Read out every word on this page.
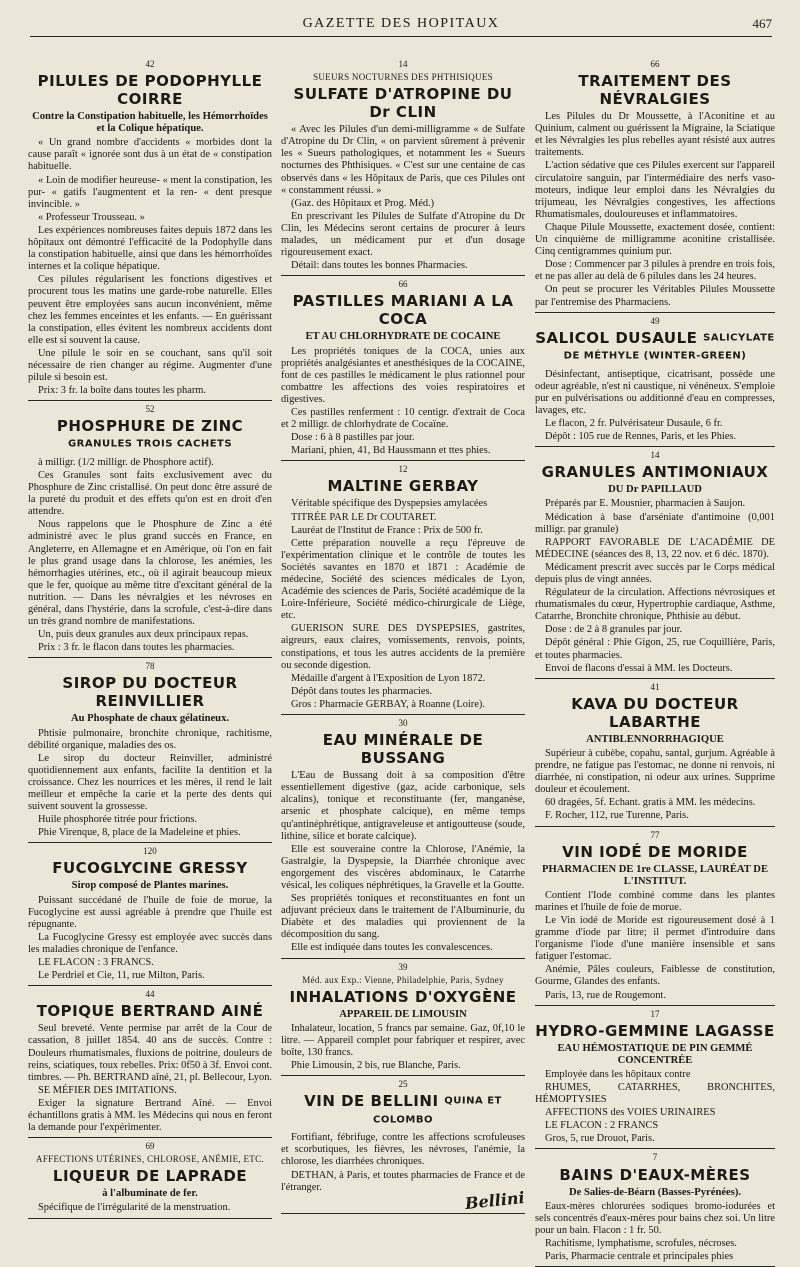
GAZETTE DES HOPITAUX	467
42
PILULES DE PODOPHYLLE COIRRE
Contre la Constipation habituelle, les Hémorrhoïdes et la Colique hépatique.

« Un grand nombre d'accidents « morbides dont la cause paraît « ignorée sont dus à un état de « constipation habituelle.

« Loin de modifier heureuse- « ment la constipation, les pur- « gatifs l'augmentent et la ren- « dent presque invincible. »

« Professeur Trousseau. »

Les expériences nombreuses faites depuis 1872 dans les hôpitaux ont démontré l'efficacité de la Podophylle dans la constipation habituelle, ainsi que dans les hémorrhoïdes internes et la colique hépatique.

Ces pilules régularisent les fonctions digestives et procurent tous les matins une garde-robe naturelle. Elles peuvent être employées sans aucun inconvénient, même chez les femmes enceintes et les enfants. — En guérissant la constipation, elles évitent les nombreux accidents dont elle est si souvent la cause.

Une pilule le soir en se couchant, sans qu'il soit nécessaire de rien changer au régime. Augmenter d'une pilule si besoin est.

Prix: 3 fr. la boîte dans toutes les pharm.

52
PHOSPHURE DE ZINC GRANULES TROIS CACHETS

à milligr. (1/2 milligr. de Phosphore actif).

Ces Granules sont faits exclusivement avec du Phosphure de Zinc cristallisé. On peut donc être assuré de la pureté du produit et des effets qu'on est en droit d'en attendre.

Nous rappelons que le Phosphure de Zinc a été administré avec le plus grand succès en France, en Angleterre, en Allemagne et en Amérique, où l'on en fait le plus grand usage dans la chlorose, les anémies, les hémorrhagies utérines, etc., où il agirait beaucoup mieux que le fer, quoique au même titre d'excitant général de la nutrition. — Dans les névralgies et les névroses en général, dans l'hystérie, dans la scrofule, c'est-à-dire dans un très grand nombre de manifestations.

Un, puis deux granules aux deux principaux repas.

Prix : 3 fr. le flacon dans toutes les pharmacies.

78
SIROP DU DOCTEUR REINVILLIER
Au Phosphate de chaux gélatineux.

Phtisie pulmonaire, bronchite chronique, rachitisme, débilité organique, maladies des os.

Le sirop du docteur Reinviller, administré quotidiennement aux enfants, facilite la dentition et la croissance. Chez les nourrices et les mères, il rend le lait meilleur et empêche la carie et la perte des dents qui suivent souvent la grossesse.

Huile phosphorée titrée pour frictions.

Phie Virenque, 8, place de la Madeleine et phies.

120
FUCOGLYCINE GRESSY
Sirop composé de Plantes marines.

Puissant succédané de l'huile de foie de morue, la Fucoglycine est aussi agréable à prendre que l'huile est répugnante.

La Fucoglycine Gressy est employée avec succès dans les maladies chronique de l'enfance.

LE FLACON : 3 FRANCS.

Le Perdriel et Cie, 11, rue Milton, Paris.

44
TOPIQUE BERTRAND AINÉ

Seul breveté. Vente permise par arrêt de la Cour de cassation, 8 juillet 1854. 40 ans de succès. Contre : Douleurs rhumatismales, fluxions de poitrine, douleurs de reins, sciatiques, toux rebelles. Prix: 0f50 à 3f. Envoi cont. timbres. — Ph. BERTRAND aîné, 21, pl. Bellecour, Lyon.

SE MÉFIER DES IMITATIONS.

Exiger la signature Bertrand Aîné. — Envoi échantillons gratis à MM. les Médecins qui nous en feront la demande pour l'expérimenter.

69
AFFECTIONS UTÉRINES, CHLOROSE, ANÉMIE, ETC.
LIQUEUR DE LAPRADE
à l'albuminate de fer.

Spécifique de l'irrégularité de la menstruation.

14
SUEURS NOCTURNES DES PHTHISIQUES
SULFATE D'ATROPINE DU Dr CLIN

« Avec les Pilules d'un demi-milligramme « de Sulfate d'Atropine du Dr Clin, « on parvient sûrement à prévenir les « Sueurs pathologiques, et notamment les « Sueurs nocturnes des Phthisiques. « C'est sur une centaine de cas observés dans « les Hôpitaux de Paris, que ces Pilules ont « constamment réussi. »

(Gaz. des Hôpitaux et Prog. Méd.)

En prescrivant les Pilules de Sulfate d'Atropine du Dr Clin, les Médecins seront certains de procurer à leurs malades, un médicament pur et d'un dosage rigoureusement exact.

Détail: dans toutes les bonnes Pharmacies.

66
PASTILLES MARIANI A LA COCA
ET AU CHLORHYDRATE DE COCAINE

Les propriétés toniques de la COCA, unies aux propriétés analgésiantes et anesthésiques de la COCAINE, font de ces pastilles le médicament le plus rationnel pour combattre les affections des voies respiratoires et digestives.

Ces pastilles renferment : 10 centigr. d'extrait de Coca et 2 milligr. de chlorhydrate de Cocaïne.

Dose : 6 à 8 pastilles par jour.

Mariani, phien, 41, Bd Haussmann et ttes phies.

12
MALTINE GERBAY

Véritable spécifique des Dyspepsies amylacées

TITRÉE PAR LE Dr COUTARET.

Lauréat de l'Institut de France : Prix de 500 fr.

Cette préparation nouvelle a reçu l'épreuve de l'expérimentation clinique et le contrôle de toutes les Sociétés savantes en 1870 et 1871 : Académie de médecine, Société des sciences médicales de Lyon, Académie des sciences de Paris, Société académique de la Loire-Inférieure, Société médico-chirurgicale de Liège, etc.

GUERISON SURE DES DYSPEPSIES, gastrites, aigreurs, eaux claires, vomissements, renvois, points, constipations, et tous les autres accidents de la première ou seconde digestion.

Médaille d'argent à l'Exposition de Lyon 1872.

Dépôt dans toutes les pharmacies.

Gros : Pharmacie GERBAY, à Roanne (Loire).

30
EAU MINÉRALE DE BUSSANG

L'Eau de Bussang doit à sa composition d'être essentiellement digestive (gaz, acide carbonique, sels alcalins), tonique et reconstituante (fer, manganèse, arsenic et phosphate calcique), en même temps qu'antinéphrétique, antigraveleuse et antigoutteuse (soude, lithine, silice et borate calcique).

Elle est souveraine contre la Chlorose, l'Anémie, la Gastralgie, la Dyspepsie, la Diarrhée chronique avec engorgement des viscères abdominaux, le Catarrhe vésical, les coliques néphrétiques, la Gravelle et la Goutte.

Ses propriétés toniques et reconstituantes en font un adjuvant précieux dans le traitement de l'Albuminurie, du Diabète et des maladies qui proviennent de la décomposition du sang.

Elle est indiquée dans toutes les convalescences.

39
Méd. aux Exp.: Vienne, Philadelphie, Paris, Sydney
INHALATIONS D'OXYGÈNE
APPAREIL DE LIMOUSIN

Inhalateur, location, 5 francs par semaine. Gaz, 0f,10 le litre. — Appareil complet pour fabriquer et respirer, avec boîte, 130 francs.

Phie Limousin, 2 bis, rue Blanche, Paris.

25
VIN DE BELLINI QUINA ET COLOMBO

Fortifiant, fébrifuge, contre les affections scrofuleuses et scorbutiques, les fièvres, les névroses, l'anémie, la chlorose, les diarrhées chroniques.

DETHAN, à Paris, et toutes pharmacies de France et de l'étranger.

Bellini
66
TRAITEMENT DES NÉVRALGIES

Les Pilules du Dr Moussette, à l'Aconitine et au Quinium, calment ou guérissent la Migraine, la Sciatique et les Névralgies les plus rebelles ayant résisté aux autres traitements.

L'action sédative que ces Pilules exercent sur l'appareil circulatoire sanguin, par l'intermédiaire des nerfs vaso-moteurs, indique leur emploi dans les Névralgies du trijumeau, les Névralgies congestives, les affections Rhumatismales, douloureuses et inflammatoires.

Chaque Pilule Moussette, exactement dosée, contient: Un cinquième de milligramme aconitine cristallisée. Cinq centigrammes quinium pur.

Dose : Commencer par 3 pilules à prendre en trois fois, et ne pas aller au delà de 6 pilules dans les 24 heures.

On peut se procurer les Véritables Pilules Moussette par l'entremise des Pharmaciens.

49
SALICOL DUSAULE SALICYLATE DE MÉTHYLE (WINTER-GREEN)

Désinfectant, antiseptique, cicatrisant, possède une odeur agréable, n'est ni caustique, ni vénéneux. S'emploie pur en pulvérisations ou additionné d'eau en compresses, lavages, etc.

Le flacon, 2 fr. Pulvérisateur Dusaule, 6 fr.

Dépôt : 105 rue de Rennes, Paris, et les Phies.

14
GRANULES ANTIMONIAUX
DU Dr PAPILLAUD

Préparés par E. Mousnier, pharmacien à Saujon.

Médication à base d'arséniate d'antimoine (0,001 milligr. par granule)

RAPPORT FAVORABLE DE L'ACADÉMIE DE MÉDECINE (séances des 8, 13, 22 nov. et 6 déc. 1870).

Médicament prescrit avec succès par le Corps médical depuis plus de vingt années.

Régulateur de la circulation. Affections névrosiques et rhumatismales du cœur, Hypertrophie cardiaque, Asthme, Catarrhe, Bronchite chronique, Phthisie au début.

Dose : de 2 à 8 granules par jour.

Dépôt général : Phie Gigon, 25, rue Coquillière, Paris, et toutes pharmacies.

Envoi de flacons d'essai à MM. les Docteurs.

41
KAVA DU DOCTEUR LABARTHE
ANTIBLENNORRHAGIQUE

Supérieur à cubèbe, copahu, santal, gurjum. Agréable à prendre, ne fatigue pas l'estomac, ne donne ni renvois, ni diarrhée, ni constipation, ni odeur aux urines. Supprime douleur et écoulement.

60 dragées, 5f. Echant. gratis à MM. les médecins.

F. Rocher, 112, rue Turenne, Paris.

77
VIN IODÉ DE MORIDE
PHARMACIEN DE 1re CLASSE, LAURÉAT DE L'INSTITUT.

Contient l'Iode combiné comme dans les plantes marines et l'huile de foie de morue.

Le Vin iodé de Moride est rigoureusement dosé à 1 gramme d'iode par litre; il permet d'introduire dans l'organisme l'iode d'une manière insensible et sans fatiguer l'estomac.

Anémie, Pâles couleurs, Faiblesse de constitution, Gourme, Glandes des enfants.

Paris, 13, rue de Rougemont.

17
HYDRO-GEMMINE LAGASSE
EAU HÉMOSTATIQUE DE PIN GEMMÉ CONCENTRÉE

Employée dans les hôpitaux contre

RHUMES, CATARRHES, BRONCHITES, HÉMOPTYSIES

AFFECTIONS des VOIES URINAIRES

LE FLACON : 2 FRANCS

Gros, 5, rue Drouot, Paris.

7
BAINS D'EAUX-MÈRES
De Salies-de-Béarn (Basses-Pyrénées).

Eaux-mères chlorurées sodiques bromo-iodurées et sels concentrés d'eaux-mères pour bains chez soi. Un litre pour un bain. Flacon : 1 fr. 50.

Rachitisme, lymphatisme, scrofules, nécroses.

Paris, Pharmacie centrale et principales phies
